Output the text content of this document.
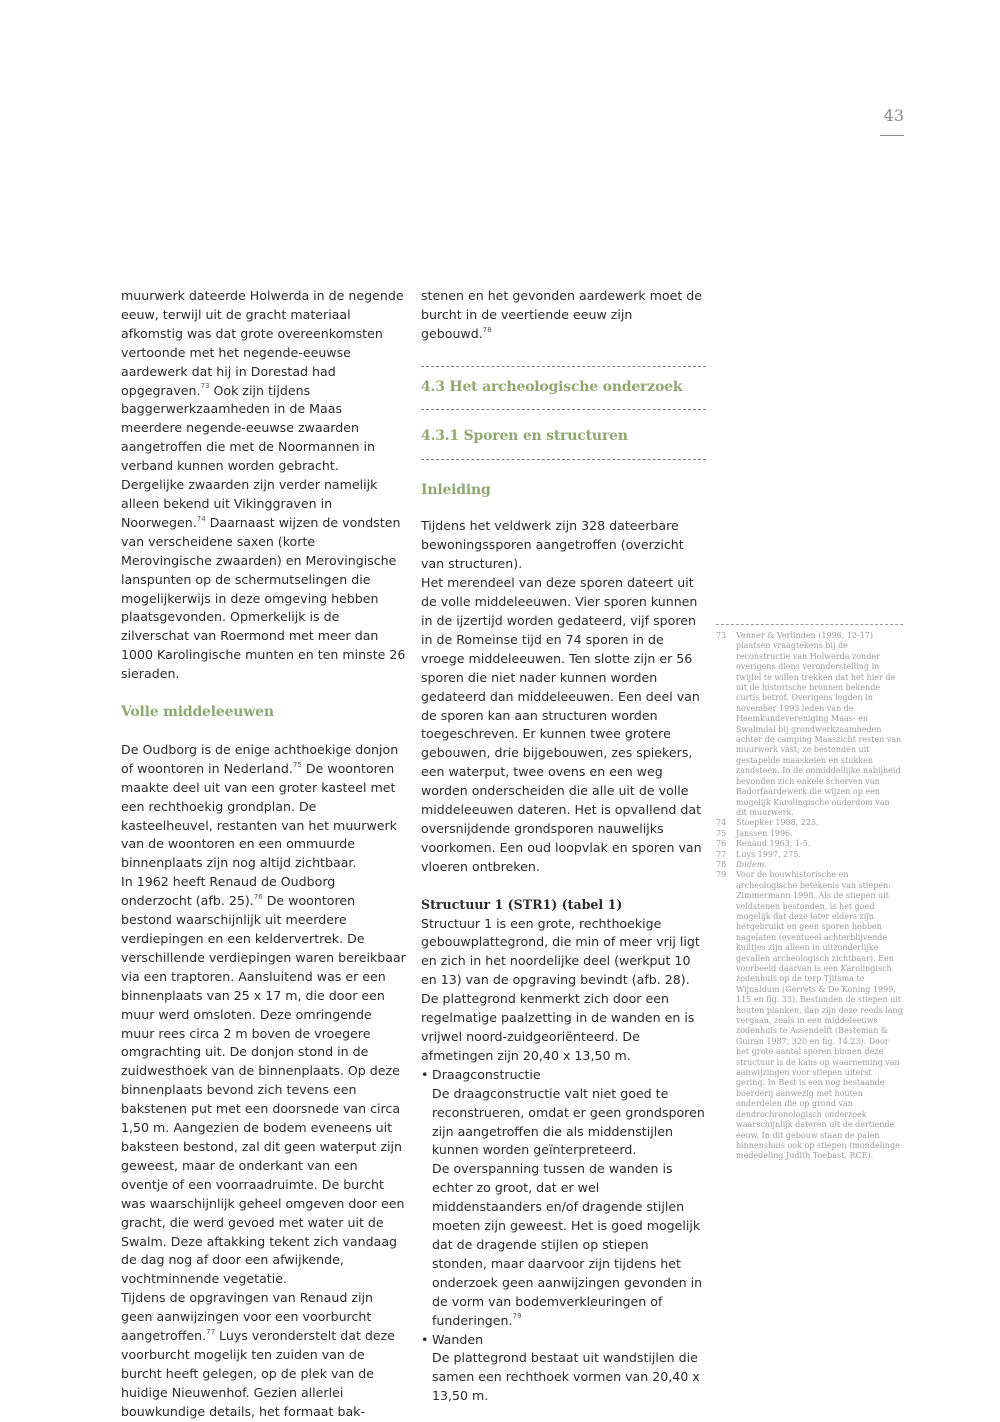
43

muurwerk dateerde Holwerda in de negende eeuw, terwijl uit de gracht materiaal afkomstig was dat grote overeenkomsten vertoonde met het negende-eeuwse aardewerk dat hij in Dorestad had opgegraven.$^{73}$ Ook zijn tijdens baggerwerkzaamheden in de Maas meerdere negende-eeuwse zwaarden aangetroffen die met de Noormannen in verband kunnen worden gebracht. Dergelijke zwaarden zijn verder namelijk alleen bekend uit Vikinggraven in Noorwegen.$^{74}$ Daarnaast wijzen de vondsten van verscheidene saxen (korte Merovingische zwaarden) en Merovingische lanspunten op de schermutselingen die mogelijkerwijs in deze omgeving hebben plaatsgevonden. Opmerkelijk is de zilverschat van Roermond met meer dan 1000 Karolingische munten en ten minste 26 sieraden.

Volle middeleeuwen

De Oudborg is de enige achthoekige donjon of woontoren in Nederland.$^{75}$ De woontoren maakte deel uit van een groter kasteel met een rechthoekig grondplan. De kasteelheuvel, restanten van het muurwerk van de woontoren en een ommuurde binnenplaats zijn nog altijd zichtbaar.

In 1962 heeft Renaud de Oudborg onderzocht (afb. 25).$^{76}$ De woontoren bestond waarschijnlijk uit meerdere verdiepingen en een keldervertrek. De verschillende verdiepingen waren bereikbaar via een traptoren. Aansluitend was er een binnenplaats van 25 x 17 m, die door een muur werd omsloten. Deze omringende muur rees circa 2 m boven de vroegere omgrachting uit. De donjon stond in de zuidwesthoek van de binnenplaats. Op deze binnenplaats bevond zich tevens een bakstenen put met een doorsnede van circa 1,50 m. Aangezien de bodem eveneens uit baksteen bestond, zal dit geen waterput zijn geweest, maar de onderkant van een oventje of een voorraadruimte. De burcht was waarschijnlijk geheel omgeven door een gracht, die werd gevoed met water uit de Swalm. Deze aftakking tekent zich vandaag de dag nog af door een afwijkende, vochtminnende vegetatie.

Tijdens de opgravingen van Renaud zijn geen aanwijzingen voor een voorburcht aangetroffen.$^{77}$ Luys veronderstelt dat deze voorburcht mogelijk ten zuiden van de burcht heeft gelegen, op de plek van de huidige Nieuwenhof. Gezien allerlei bouwkundige details, het formaat bak-

stenen en het gevonden aardewerk moet de burcht in de veertiende eeuw zijn gebouwd.$^{78}$

4.3 Het archeologische onderzoek
4.3.1 Sporen en structuren
Inleiding

Tijdens het veldwerk zijn 328 dateerbare bewoningssporen aangetroffen (overzicht van structuren).

Het merendeel van deze sporen dateert uit de volle middeleeuwen. Vier sporen kunnen in de ijzertijd worden gedateerd, vijf sporen in de Romeinse tijd en 74 sporen in de vroege middeleeuwen. Ten slotte zijn er 56 sporen die niet nader kunnen worden gedateerd dan middeleeuwen. Een deel van de sporen kan aan structuren worden toegeschreven. Er kunnen twee grotere gebouwen, drie bijgebouwen, zes spiekers, een waterput, twee ovens en een weg worden onderscheiden die alle uit de volle middeleeuwen dateren. Het is opvallend dat oversnijdende grondsporen nauwelijks voorkomen. Een oud loopvlak en sporen van vloeren ontbreken.

Structuur 1 (STR1) (tabel 1)

Structuur 1 is een grote, rechthoekige gebouwplattegrond, die min of meer vrij ligt en zich in het noordelijke deel (werkput 10 en 13) van de opgraving bevindt (afb. 28). De plattegrond kenmerkt zich door een regelmatige paalzetting in de wanden en is vrijwel noord-zuidgeoriënteerd. De afmetingen zijn 20,40 x 13,50 m.

• Draagconstructie
De draagconstructie valt niet goed te reconstrueren, omdat er geen grondsporen zijn aangetroffen die als middenstijlen kunnen worden geïnterpreteerd.
De overspanning tussen de wanden is echter zo groot, dat er wel middenstaanders en/of dragende stijlen moeten zijn geweest. Het is goed mogelijk dat de dragende stijlen op stiepen stonden, maar daarvoor zijn tijdens het onderzoek geen aanwijzingen gevonden in de vorm van bodemverkleuringen of funderingen.$^{79}$
• Wanden
De plattegrond bestaat uit wandstijlen die samen een rechthoek vormen van 20,40 x 13,50 m.
73 Venner & Verlinden (1996, 12-17) plaatsen vraagtekens bij de reconstructie van Holwerda zonder overigens diens veronderstelling in twijfel te willen trekken dat het hier de uit de historische bronnen bekende curtis betrof. Overigens legden in november 1993 leden van de Heemkundevereniging Maas- en Swalmdal bij grondwerkzaamheden achter de camping Maaszicht resten van muurwerk vast; ze bestonden uit gestapelde maaskeien en stukken zandsteen. In de onmiddellijke nabijheid bevonden zich enkele scherven van Badorfaardewerk die wijzen op een mogelijk Karolingische ouderdom van dit muurwerk.
74 Stoepker 1988, 225.
75 Janssen 1996.
76 Renaud 1963, 1-5.
77 Luys 1997, 275.
78 Ibidem.
79 Voor de bouwhistorische en archeologische betekenis van stiepen: Zimmermann 1998. Als de stiepen uit veldstenen bestonden, is het goed mogelijk dat deze later elders zijn hergebruikt en geen sporen hebben nagelaten (eventueel achterblijvende kuiltjes zijn alleen in uitzonderlijke gevallen archeologisch zichtbaar). Een voorbeeld daarvan is een Karolingisch zodenhuis op de terp Tjitsma te Wijnaldum (Gerrets & De Koning 1999, 115 en fig. 33). Bestonden de stiepen uit houten planken, dan zijn deze reeds lang vergaan, zoals in een middeleeuws zodenhuis te Assendelft (Besteman & Guiran 1987, 320 en fig. 14.23). Door het grote aantal sporen binnen deze structuur is de kans op waarneming van aanwijzingen voor stiepen uiterst gering. In Best is een nog bestaande boerderij aanwezig met houten onderdelen die op grond van dendrochronologisch onderzoek waarschijnlijk dateren uit de dertiende eeuw. In dit gebouw staan de palen binnenshuis ook op stiepen (mondelinge mededeling Judith Toebast, RCE).
